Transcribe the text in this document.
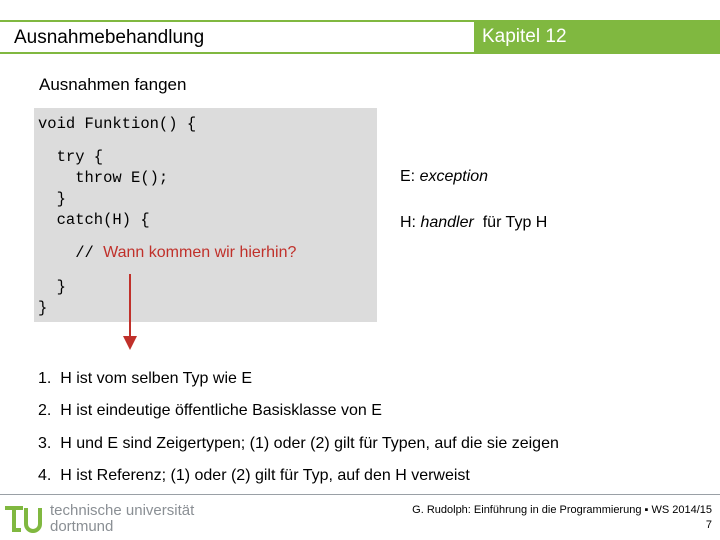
Ausnahmebehandlung	Kapitel 12
Ausnahmen fangen
void Funktion() {
try {
throw E();
}
catch(H) {
// Wann kommen wir hierhin?
}
}
E: exception
H: handler  für Typ H
1.  H ist vom selben Typ wie E
2.  H ist eindeutige öffentliche Basisklasse von E
3.  H und E sind Zeigertypen; (1) oder (2) gilt für Typen, auf die sie zeigen
4.  H ist Referenz; (1) oder (2) gilt für Typ, auf den H verweist
technische universität
dortmund
G. Rudolph: Einführung in die Programmierung ▪ WS 2014/15
7
